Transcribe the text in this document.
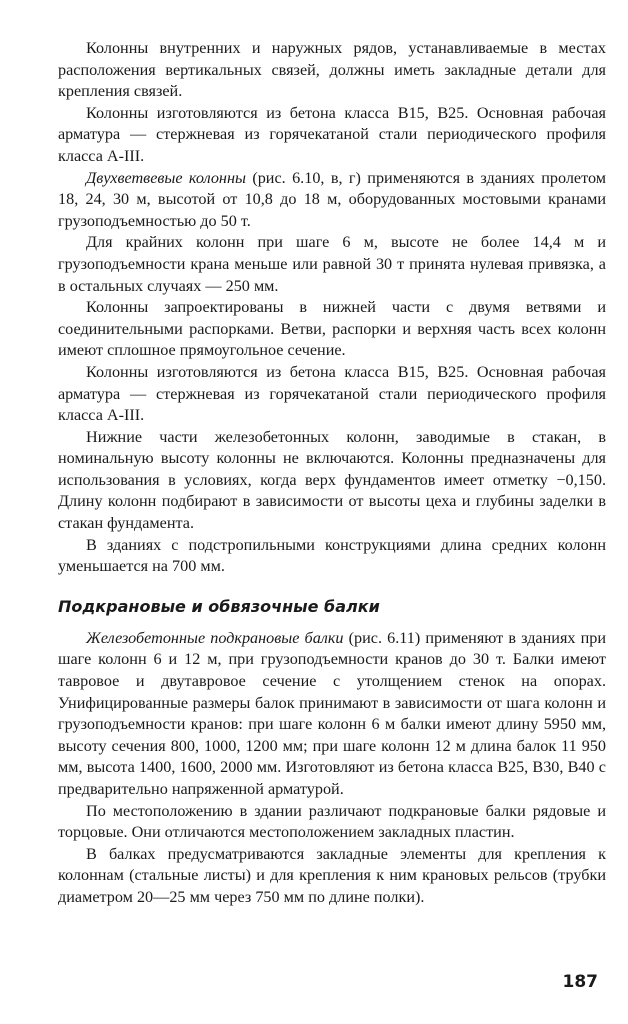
Колонны внутренних и наружных рядов, устанавливаемые в местах расположения вертикальных связей, должны иметь закладные детали для крепления связей.

Колонны изготовляются из бетона класса В15, В25. Основная рабочая арматура — стержневая из горячекатаной стали периодического профиля класса А-III.

Двухветвевые колонны (рис. 6.10, в, г) применяются в зданиях пролетом 18, 24, 30 м, высотой от 10,8 до 18 м, оборудованных мостовыми кранами грузоподъемностью до 50 т.

Для крайних колонн при шаге 6 м, высоте не более 14,4 м и грузоподъемности крана меньше или равной 30 т принята нулевая привязка, а в остальных случаях — 250 мм.

Колонны запроектированы в нижней части с двумя ветвями и соединительными распорками. Ветви, распорки и верхняя часть всех колонн имеют сплошное прямоугольное сечение.

Колонны изготовляются из бетона класса В15, В25. Основная рабочая арматура — стержневая из горячекатаной стали периодического профиля класса А-III.

Нижние части железобетонных колонн, заводимые в стакан, в номинальную высоту колонны не включаются. Колонны предназначены для использования в условиях, когда верх фундаментов имеет отметку −0,150. Длину колонн подбирают в зависимости от высоты цеха и глубины заделки в стакан фундамента.

В зданиях с подстропильными конструкциями длина средних колонн уменьшается на 700 мм.

Подкрановые и обвязочные балки

Железобетонные подкрановые балки (рис. 6.11) применяют в зданиях при шаге колонн 6 и 12 м, при грузоподъемности кранов до 30 т. Балки имеют тавровое и двутавровое сечение с утолщением стенок на опорах. Унифицированные размеры балок принимают в зависимости от шага колонн и грузоподъемности кранов: при шаге колонн 6 м балки имеют длину 5950 мм, высоту сечения 800, 1000, 1200 мм; при шаге колонн 12 м длина балок 11 950 мм, высота 1400, 1600, 2000 мм. Изготовляют из бетона класса В25, В30, В40 с предварительно напряженной арматурой.

По местоположению в здании различают подкрановые балки рядовые и торцовые. Они отличаются местоположением закладных пластин.

В балках предусматриваются закладные элементы для крепления к колоннам (стальные листы) и для крепления к ним крановых рельсов (трубки диаметром 20—25 мм через 750 мм по длине полки).

187
